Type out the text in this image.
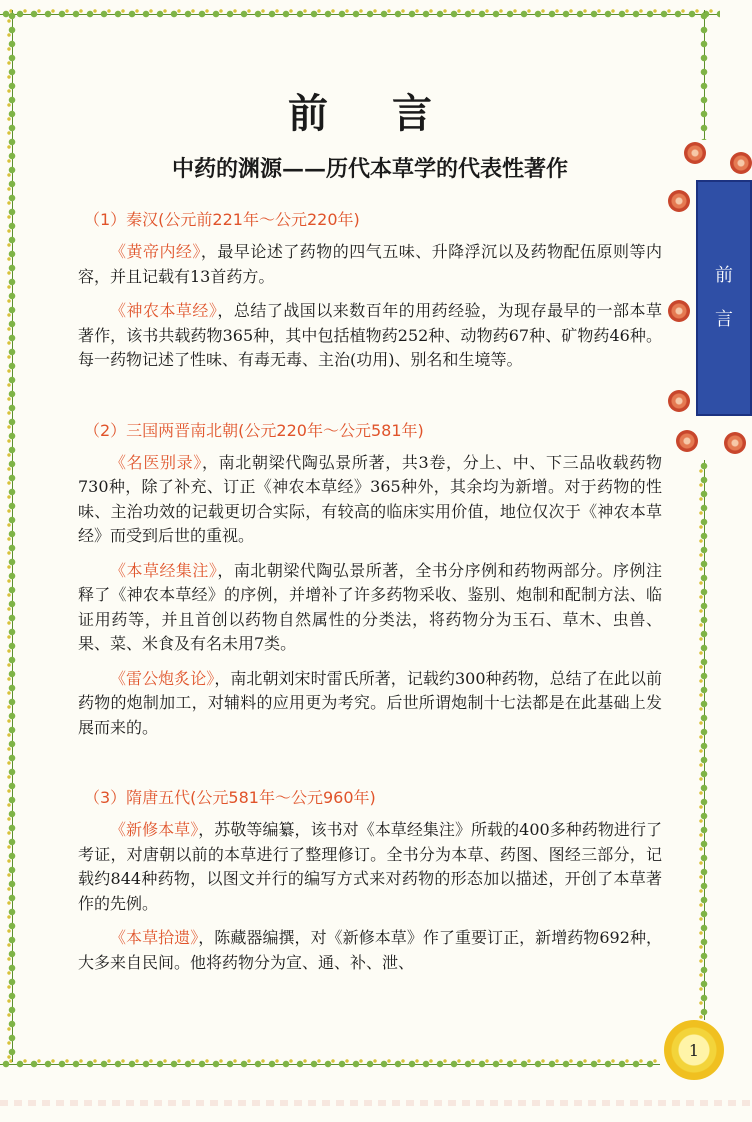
前
言
前言
中药的渊源——历代本草学的代表性著作
（1）秦汉(公元前221年～公元220年)

《黄帝内经》，最早论述了药物的四气五味、升降浮沉以及药物配伍原则等内容，并且记载有13首药方。

《神农本草经》，总结了战国以来数百年的用药经验，为现存最早的一部本草著作，该书共载药物365种，其中包括植物药252种、动物药67种、矿物药46种。每一药物记述了性味、有毒无毒、主治(功用)、别名和生境等。

（2）三国两晋南北朝(公元220年～公元581年)

《名医别录》，南北朝梁代陶弘景所著，共3卷，分上、中、下三品收载药物730种，除了补充、订正《神农本草经》365种外，其余均为新增。对于药物的性味、主治功效的记载更切合实际，有较高的临床实用价值，地位仅次于《神农本草经》而受到后世的重视。

《本草经集注》，南北朝梁代陶弘景所著，全书分序例和药物两部分。序例注释了《神农本草经》的序例，并增补了许多药物采收、鉴别、炮制和配制方法、临证用药等，并且首创以药物自然属性的分类法，将药物分为玉石、草木、虫兽、果、菜、米食及有名未用7类。

《雷公炮炙论》，南北朝刘宋时雷氏所著，记载约300种药物，总结了在此以前药物的炮制加工，对辅料的应用更为考究。后世所谓炮制十七法都是在此基础上发展而来的。

（3）隋唐五代(公元581年～公元960年)

《新修本草》，苏敬等编纂，该书对《本草经集注》所载的400多种药物进行了考证，对唐朝以前的本草进行了整理修订。全书分为本草、药图、图经三部分，记载约844种药物，以图文并行的编写方式来对药物的形态加以描述，开创了本草著作的先例。

《本草拾遗》，陈藏器编撰，对《新修本草》作了重要订正，新增药物692种，大多来自民间。他将药物分为宣、通、补、泄、

1
